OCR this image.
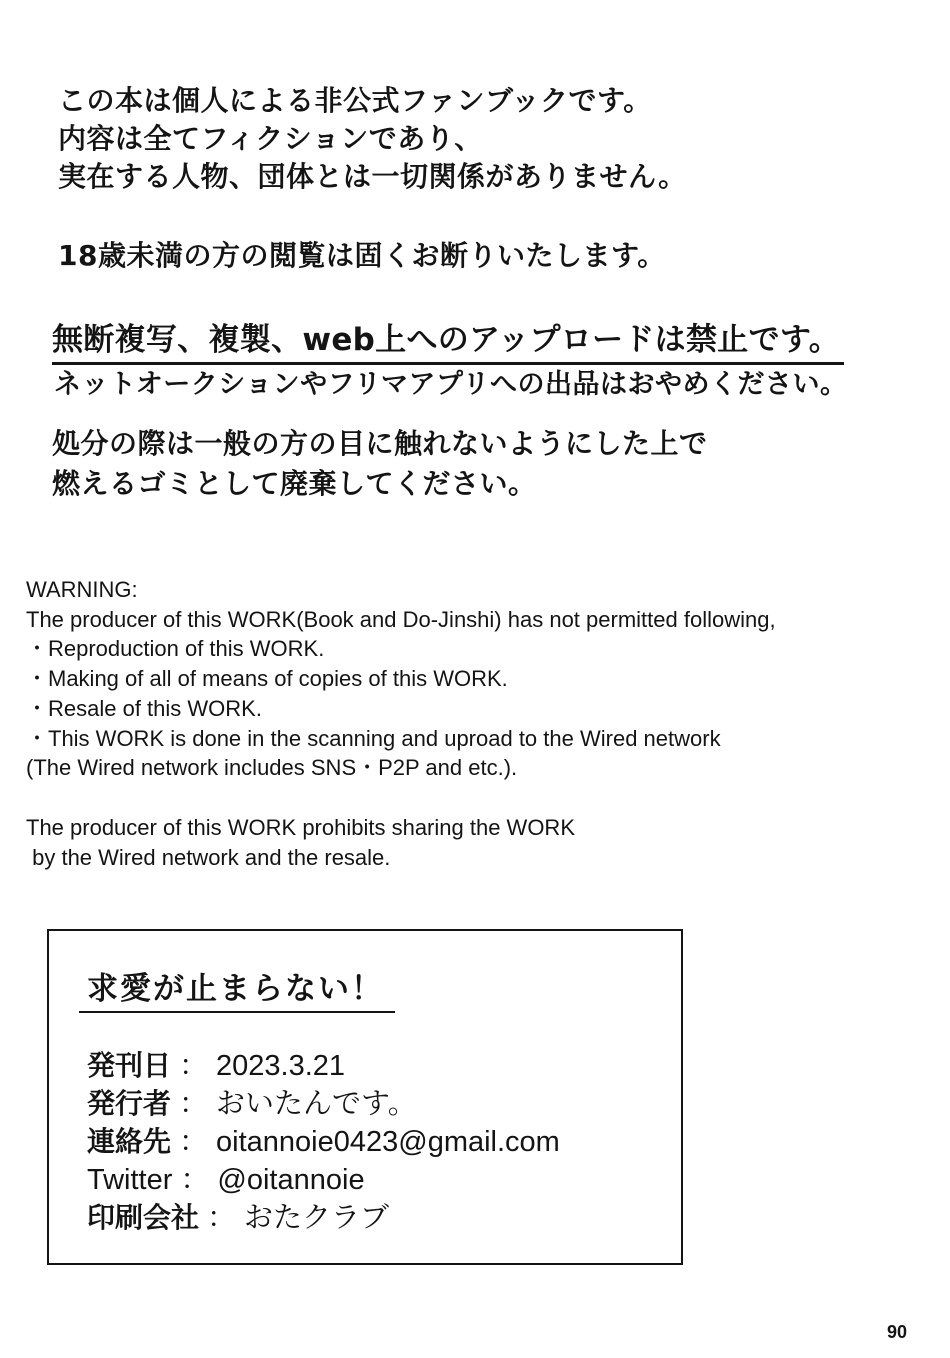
この本は個人による非公式ファンブックです。
内容は全てフィクションであり、
実在する人物、団体とは一切関係がありません。
18歳未満の方の閲覧は固くお断りいたします。
無断複写、複製、web上へのアップロードは禁止です。
ネットオークションやフリマアプリへの出品はおやめください。
処分の際は一般の方の目に触れないようにした上で
燃えるゴミとして廃棄してください。
WARNING:
The producer of this WORK(Book and Do-Jinshi) has not permitted following,
・Reproduction of this WORK.
・Making of all of means of copies of this WORK.
・Resale of this WORK.
・This WORK is done in the scanning and uproad to the Wired network
(The Wired network includes SNS・P2P and etc.).
The producer of this WORK prohibits sharing the WORK
by the Wired network and the resale.
求愛が止まらない！
発刊日 ： 2023.3.21
発行者 ： おいたんです。
連絡先 ： oitannoie0423@gmail.com
Twitter ： @oitannoie
印刷会社 ： おたクラブ
90
